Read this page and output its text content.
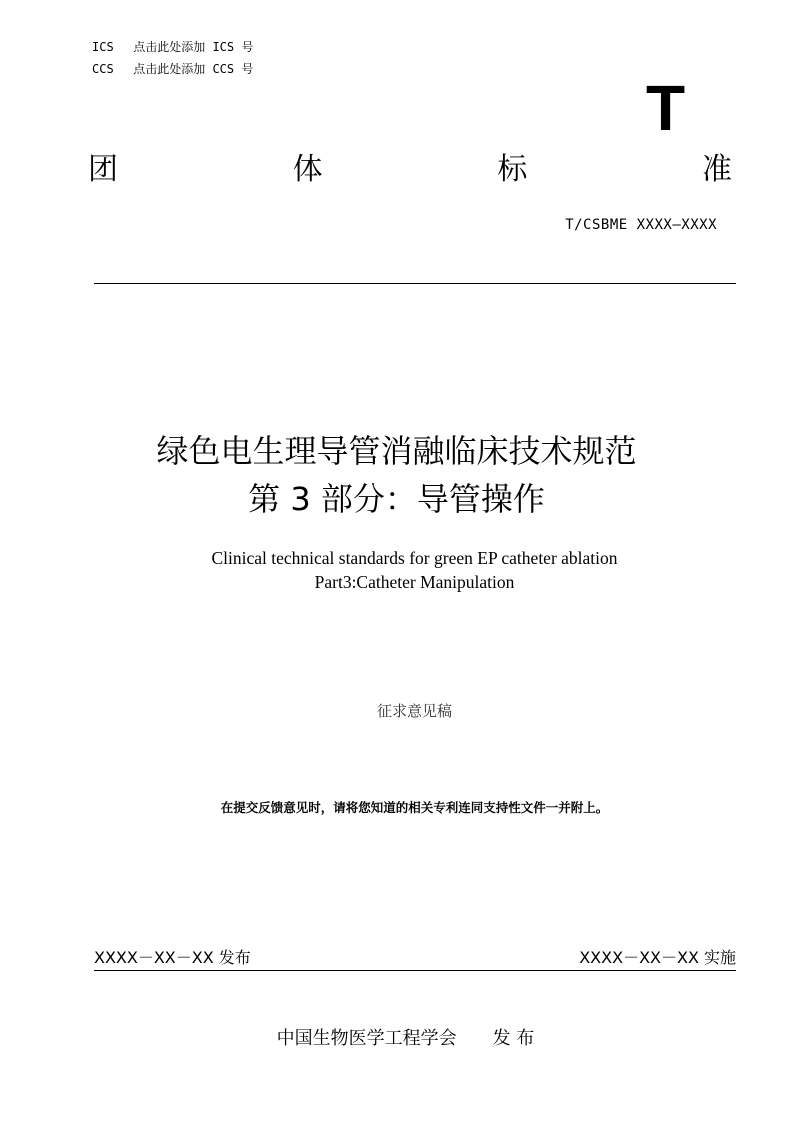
ICS 点击此处添加 ICS 号
CCS 点击此处添加 CCS 号
T
团	体	标	准
T/CSBME XXXX—XXXX
绿色电生理导管消融临床技术规范
第 3 部分：导管操作
Clinical technical standards for green EP catheter ablation
Part3:Catheter Manipulation
征求意见稿
在提交反馈意见时，请将您知道的相关专利连同支持性文件一并附上。
XXXX－XX－XX 发布	XXXX－XX－XX 实施
中国生物医学工程学会 发 布
